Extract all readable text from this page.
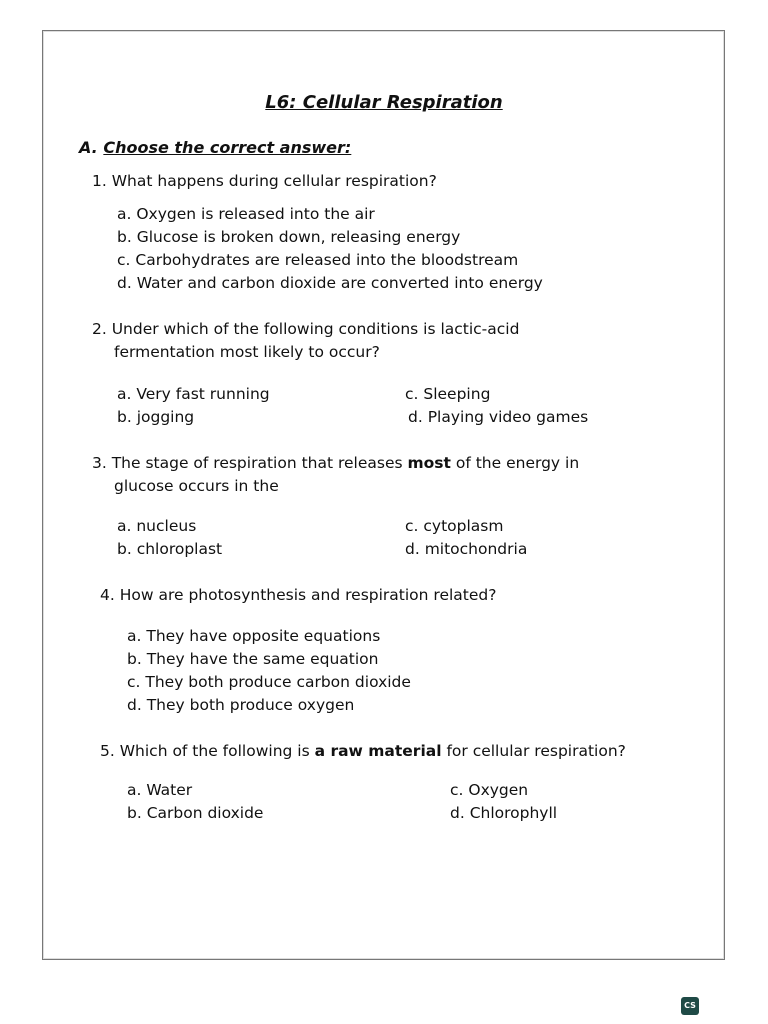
L6: Cellular Respiration
A. Choose the correct answer:
1. What happens during cellular respiration?
a. Oxygen is released into the air
b. Glucose is broken down, releasing energy
c. Carbohydrates are released into the bloodstream
d. Water and carbon dioxide are converted into energy
2. Under which of the following conditions is lactic-acid
fermentation most likely to occur?
a. Very fast running
b. jogging
c. Sleeping
d. Playing video games
3. The stage of respiration that releases most of the energy in
glucose occurs in the
a. nucleus
b. chloroplast
c. cytoplasm
d. mitochondria
4. How are photosynthesis and respiration related?
a. They have opposite equations
b. They have the same equation
c. They both produce carbon dioxide
d. They both produce oxygen
5. Which of the following is a raw material for cellular respiration?
a. Water
b. Carbon dioxide
c. Oxygen
d. Chlorophyll
CS
